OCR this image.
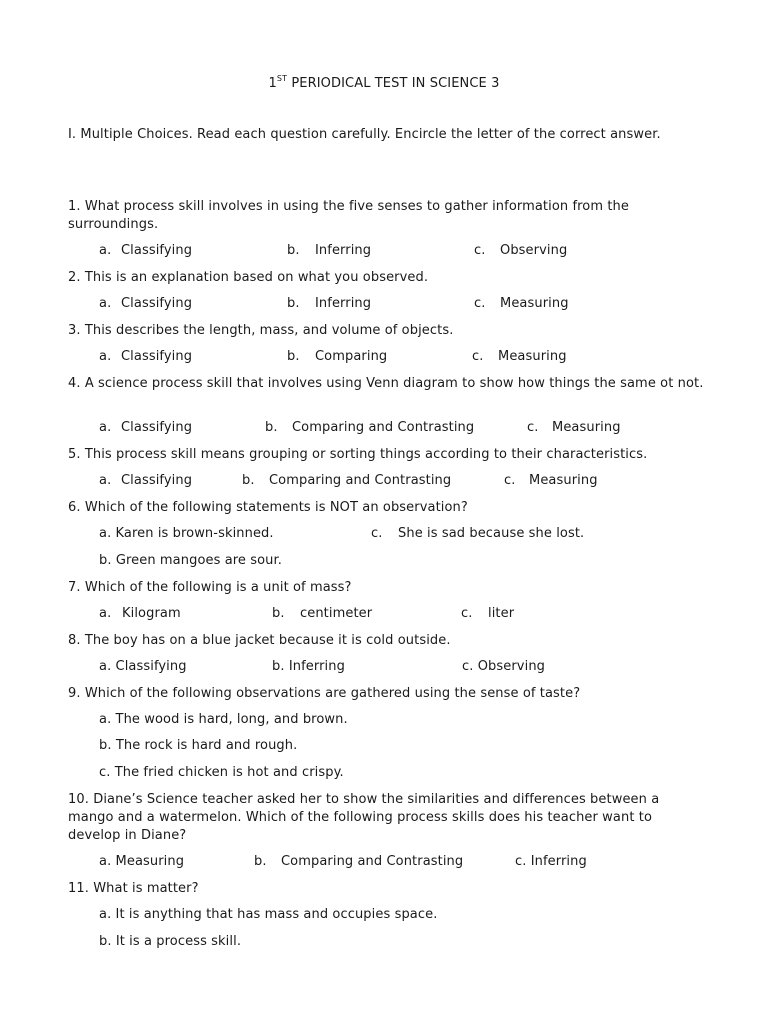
1ST PERIODICAL TEST IN SCIENCE 3
I. Multiple Choices. Read each question carefully. Encircle the letter of the correct answer.
1. What process skill involves in using the five senses to gather information from the surroundings.
a. Classifying	b. Inferring	c. Observing
2. This is an explanation based on what you observed.
a. Classifying	b. Inferring	c. Measuring
3. This describes the length, mass, and volume of objects.
a. Classifying	b. Comparing	c. Measuring
4. A science process skill that involves using Venn diagram to show how things the same ot not.
a. Classifying	b. Comparing and Contrasting	c. Measuring
5. This process skill means grouping or sorting things according to their characteristics.
a. Classifying	b. Comparing and Contrasting	c. Measuring
6. Which of the following statements is NOT an observation?
a. Karen is brown-skinned.	c. She is sad because she lost.
b. Green mangoes are sour.
7. Which of the following is a unit of mass?
a. Kilogram	b. centimeter	c. liter
8. The boy has on a blue jacket because it is cold outside.
a. Classifying	b. Inferring	c. Observing
9. Which of the following observations are gathered using the sense of taste?
a. The wood is hard, long, and brown.
b. The rock is hard and rough.
c. The fried chicken is hot and crispy.
10. Diane’s Science teacher asked her to show the similarities and differences between a mango and a watermelon. Which of the following process skills does his teacher want to develop in Diane?
a. Measuring	b. Comparing and Contrasting	c. Inferring
11. What is matter?
a. It is anything that has mass and occupies space.
b. It is a process skill.
